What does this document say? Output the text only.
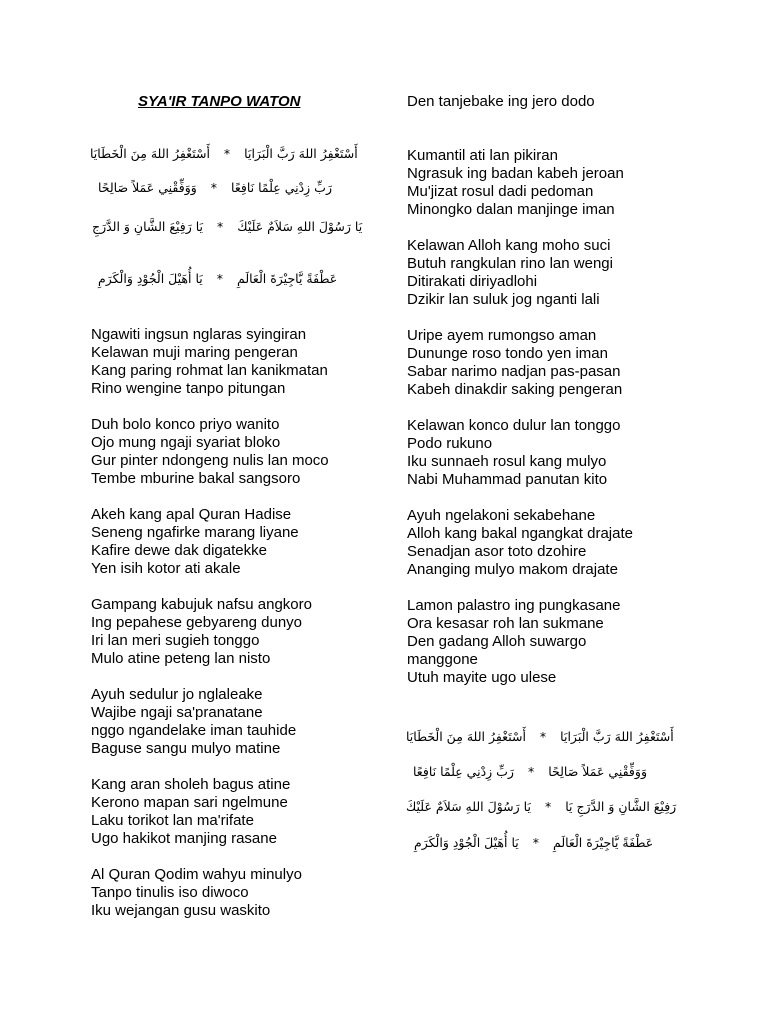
SYA'IR TANPO WATON
أَسْتَغْفِرُ اللهَ رَبَّ الْبَرَايَا*أَسْتَغْفِرُ اللهَ مِنَ الْخَطَايَا
رَبِّ زِدْنِي عِلْمًا نَافِعًا*وَوَفِّقْنِي عَمَلاً صَالِحًا
يَا رَسُوْلَ اللهِ سَلاَمٌ عَلَيْكَ*يَا رَفِيْعَ الشَّانِ وَ الدَّرَجِ
عَطْفَةً يَّاجِيْرَةَ الْعَالَمِ*يَا أُهَيْلَ الْجُوْدِ وَالْكَرَمِ
Ngawiti ingsun nglaras syingiran
Kelawan muji maring pengeran
Kang paring rohmat lan kanikmatan
Rino wengine tanpo pitungan
Duh bolo konco priyo wanito
Ojo mung ngaji syariat bloko
Gur pinter ndongeng nulis lan moco
Tembe mburine bakal sangsoro
Akeh kang apal Quran Hadise
Seneng ngafirke marang liyane
Kafire dewe dak digatekke
Yen isih kotor ati akale
Gampang kabujuk nafsu angkoro
Ing pepahese gebyareng dunyo
Iri lan meri sugieh tonggo
Mulo atine peteng lan nisto
Ayuh sedulur jo nglaleake
Wajibe ngaji sa'pranatane
nggo ngandelake iman tauhide
Baguse sangu mulyo matine
Kang aran sholeh bagus atine
Kerono mapan sari ngelmune
Laku torikot lan ma'rifate
Ugo hakikot manjing rasane
Al Quran Qodim wahyu minulyo
Tanpo tinulis iso diwoco
Iku wejangan gusu waskito
Den tanjebake ing jero dodo
Kumantil ati lan pikiran
Ngrasuk ing badan kabeh jeroan
Mu'jizat rosul dadi pedoman
Minongko dalan manjinge iman
Kelawan Alloh kang moho suci
Butuh rangkulan rino lan wengi
Ditirakati diriyadlohi
Dzikir lan suluk jog nganti lali
Uripe ayem rumongso aman
Dununge roso tondo yen iman
Sabar narimo nadjan pas-pasan
Kabeh dinakdir saking pengeran
Kelawan konco dulur lan tonggo
Podo rukuno
Iku sunnaeh rosul kang mulyo
Nabi Muhammad panutan kito
Ayuh ngelakoni sekabehane
Alloh kang bakal ngangkat drajate
Senadjan asor toto dzohire
Ananging mulyo makom drajate
Lamon palastro ing pungkasane
Ora kesasar roh lan sukmane
Den gadang Alloh suwargo
manggone
Utuh mayite ugo ulese
أَسْتَغْفِرُ اللهَ رَبَّ الْبَرَايَا*أَسْتَغْفِرُ اللهَ مِنَ الْخَطَايَا
وَوَفِّقْنِي عَمَلاً صَالِحًا*رَبِّ زِدْنِي عِلْمًا نَافِعًا
رَفِيْعَ الشَّانِ وَ الدَّرَجِ يَا*يَا رَسُوْلَ اللهِ سَلاَمٌ عَلَيْكَ
عَطْفَةً يَّاجِيْرَةَ الْعَالَمِ*يَا أُهَيْلَ الْجُوْدِ وَالْكَرَمِ
